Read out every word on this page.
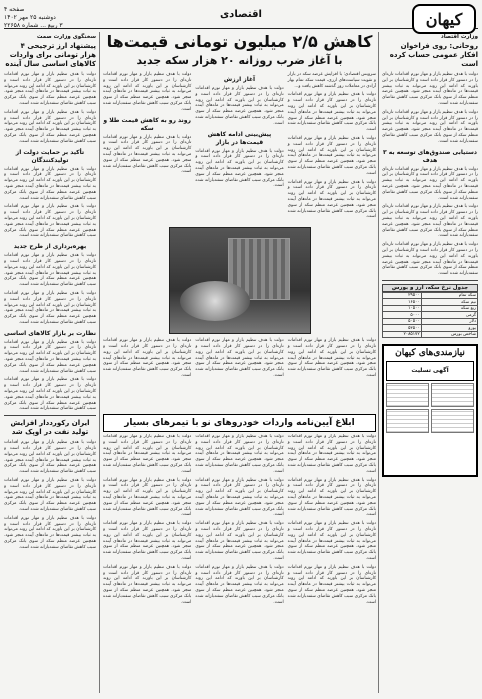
صفحه ۴
دوشنبه ۲۵ مهر ۱۴۰۲
۳ ربیع ... شماره ۲۲۶۵۸
اقتصادی	کیهان
وزارت اقتصاد
روحانی: روی فراخوان افکار عمومی حساب کرده است

دولت با هدف تنظیم بازار و مهار تورم اقدامات تازه‌ای را در دستور کار قرار داده است و کارشناسان بر این باورند که ادامه این روند می‌تواند به ثبات بیشتر قیمت‌ها در ماه‌های آینده منجر شود. همچنین عرضه منظم سکه از سوی بانک مرکزی سبب کاهش تقاضای سفته‌بازانه شده است.

دولت با هدف تنظیم بازار و مهار تورم اقدامات تازه‌ای را در دستور کار قرار داده است و کارشناسان بر این باورند که ادامه این روند می‌تواند به ثبات بیشتر قیمت‌ها در ماه‌های آینده منجر شود. همچنین عرضه منظم سکه از سوی بانک مرکزی سبب کاهش تقاضای سفته‌بازانه شده است.

دستیابی صندوق‌های توسعه به ۳ هدف

دولت با هدف تنظیم بازار و مهار تورم اقدامات تازه‌ای را در دستور کار قرار داده است و کارشناسان بر این باورند که ادامه این روند می‌تواند به ثبات بیشتر قیمت‌ها در ماه‌های آینده منجر شود. همچنین عرضه منظم سکه از سوی بانک مرکزی سبب کاهش تقاضای سفته‌بازانه شده است.

دولت با هدف تنظیم بازار و مهار تورم اقدامات تازه‌ای را در دستور کار قرار داده است و کارشناسان بر این باورند که ادامه این روند می‌تواند به ثبات بیشتر قیمت‌ها در ماه‌های آینده منجر شود. همچنین عرضه منظم سکه از سوی بانک مرکزی سبب کاهش تقاضای سفته‌بازانه شده است.

دولت با هدف تنظیم بازار و مهار تورم اقدامات تازه‌ای را در دستور کار قرار داده است و کارشناسان بر این باورند که ادامه این روند می‌تواند به ثبات بیشتر قیمت‌ها در ماه‌های آینده منجر شود. همچنین عرضه منظم سکه از سوی بانک مرکزی سبب کاهش تقاضای سفته‌بازانه شده است.

جدول نرخ سکه، ارز و بورس
سکه تمام	۲۹۵۰۰
نیم سکه	۱۶۵۰۰
ربع سکه	۱۰۵۰۰
گرمی	۵۰۰۰
دلار	۵۰۵۰۰
یورو	۵۳۵۰۰
شاخص بورس	۲۰۸۵۱۷۲
نیازمندی‌های کیهان
آگهی تسلیت
کاهش ۲/۵ میلیون تومانی قیمت‌ها
با آغاز ضرب روزانه ۲۰ هزار سکه جدید

سرویس اقتصادی: با افزایش عرضه سکه در بازار و تقویت سیاست‌های ارزی، قیمت سکه تمام بهار آزادی در معاملات روز گذشته کاهش یافت و...

دولت با هدف تنظیم بازار و مهار تورم اقدامات تازه‌ای را در دستور کار قرار داده است و کارشناسان بر این باورند که ادامه این روند می‌تواند به ثبات بیشتر قیمت‌ها در ماه‌های آینده منجر شود. همچنین عرضه منظم سکه از سوی بانک مرکزی سبب کاهش تقاضای سفته‌بازانه شده است.

دولت با هدف تنظیم بازار و مهار تورم اقدامات تازه‌ای را در دستور کار قرار داده است و کارشناسان بر این باورند که ادامه این روند می‌تواند به ثبات بیشتر قیمت‌ها در ماه‌های آینده منجر شود. همچنین عرضه منظم سکه از سوی بانک مرکزی سبب کاهش تقاضای سفته‌بازانه شده است.

دولت با هدف تنظیم بازار و مهار تورم اقدامات تازه‌ای را در دستور کار قرار داده است و کارشناسان بر این باورند که ادامه این روند می‌تواند به ثبات بیشتر قیمت‌ها در ماه‌های آینده منجر شود. همچنین عرضه منظم سکه از سوی بانک مرکزی سبب کاهش تقاضای سفته‌بازانه شده است.

آغاز ارزش

دولت با هدف تنظیم بازار و مهار تورم اقدامات تازه‌ای را در دستور کار قرار داده است و کارشناسان بر این باورند که ادامه این روند می‌تواند به ثبات بیشتر قیمت‌ها در ماه‌های آینده منجر شود. همچنین عرضه منظم سکه از سوی بانک مرکزی سبب کاهش تقاضای سفته‌بازانه شده است.

پیش‌بینی ادامه کاهش قیمت‌ها در بازار

دولت با هدف تنظیم بازار و مهار تورم اقدامات تازه‌ای را در دستور کار قرار داده است و کارشناسان بر این باورند که ادامه این روند می‌تواند به ثبات بیشتر قیمت‌ها در ماه‌های آینده منجر شود. همچنین عرضه منظم سکه از سوی بانک مرکزی سبب کاهش تقاضای سفته‌بازانه شده است.

دولت با هدف تنظیم بازار و مهار تورم اقدامات تازه‌ای را در دستور کار قرار داده است و کارشناسان بر این باورند که ادامه این روند می‌تواند به ثبات بیشتر قیمت‌ها در ماه‌های آینده منجر شود. همچنین عرضه منظم سکه از سوی بانک مرکزی سبب کاهش تقاضای سفته‌بازانه شده است.

روند رو به کاهش قیمت طلا و سکه

دولت با هدف تنظیم بازار و مهار تورم اقدامات تازه‌ای را در دستور کار قرار داده است و کارشناسان بر این باورند که ادامه این روند می‌تواند به ثبات بیشتر قیمت‌ها در ماه‌های آینده منجر شود. همچنین عرضه منظم سکه از سوی بانک مرکزی سبب کاهش تقاضای سفته‌بازانه شده است.

دولت با هدف تنظیم بازار و مهار تورم اقدامات تازه‌ای را در دستور کار قرار داده است و کارشناسان بر این باورند که ادامه این روند می‌تواند به ثبات بیشتر قیمت‌ها در ماه‌های آینده منجر شود. همچنین عرضه منظم سکه از سوی بانک مرکزی سبب کاهش تقاضای سفته‌بازانه شده است.

دولت با هدف تنظیم بازار و مهار تورم اقدامات تازه‌ای را در دستور کار قرار داده است و کارشناسان بر این باورند که ادامه این روند می‌تواند به ثبات بیشتر قیمت‌ها در ماه‌های آینده منجر شود. همچنین عرضه منظم سکه از سوی بانک مرکزی سبب کاهش تقاضای سفته‌بازانه شده است.

دولت با هدف تنظیم بازار و مهار تورم اقدامات تازه‌ای را در دستور کار قرار داده است و کارشناسان بر این باورند که ادامه این روند می‌تواند به ثبات بیشتر قیمت‌ها در ماه‌های آینده منجر شود. همچنین عرضه منظم سکه از سوی بانک مرکزی سبب کاهش تقاضای سفته‌بازانه شده است.

ابلاغ آیین‌نامه واردات خودروهای نو با تیمرهای بسیار

دولت با هدف تنظیم بازار و مهار تورم اقدامات تازه‌ای را در دستور کار قرار داده است و کارشناسان بر این باورند که ادامه این روند می‌تواند به ثبات بیشتر قیمت‌ها در ماه‌های آینده منجر شود. همچنین عرضه منظم سکه از سوی بانک مرکزی سبب کاهش تقاضای سفته‌بازانه شده است.

دولت با هدف تنظیم بازار و مهار تورم اقدامات تازه‌ای را در دستور کار قرار داده است و کارشناسان بر این باورند که ادامه این روند می‌تواند به ثبات بیشتر قیمت‌ها در ماه‌های آینده منجر شود. همچنین عرضه منظم سکه از سوی بانک مرکزی سبب کاهش تقاضای سفته‌بازانه شده است.

دولت با هدف تنظیم بازار و مهار تورم اقدامات تازه‌ای را در دستور کار قرار داده است و کارشناسان بر این باورند که ادامه این روند می‌تواند به ثبات بیشتر قیمت‌ها در ماه‌های آینده منجر شود. همچنین عرضه منظم سکه از سوی بانک مرکزی سبب کاهش تقاضای سفته‌بازانه شده است.

دولت با هدف تنظیم بازار و مهار تورم اقدامات تازه‌ای را در دستور کار قرار داده است و کارشناسان بر این باورند که ادامه این روند می‌تواند به ثبات بیشتر قیمت‌ها در ماه‌های آینده منجر شود. همچنین عرضه منظم سکه از سوی بانک مرکزی سبب کاهش تقاضای سفته‌بازانه شده است.

دولت با هدف تنظیم بازار و مهار تورم اقدامات تازه‌ای را در دستور کار قرار داده است و کارشناسان بر این باورند که ادامه این روند می‌تواند به ثبات بیشتر قیمت‌ها در ماه‌های آینده منجر شود. همچنین عرضه منظم سکه از سوی بانک مرکزی سبب کاهش تقاضای سفته‌بازانه شده است.

دولت با هدف تنظیم بازار و مهار تورم اقدامات تازه‌ای را در دستور کار قرار داده است و کارشناسان بر این باورند که ادامه این روند می‌تواند به ثبات بیشتر قیمت‌ها در ماه‌های آینده منجر شود. همچنین عرضه منظم سکه از سوی بانک مرکزی سبب کاهش تقاضای سفته‌بازانه شده است.

دولت با هدف تنظیم بازار و مهار تورم اقدامات تازه‌ای را در دستور کار قرار داده است و کارشناسان بر این باورند که ادامه این روند می‌تواند به ثبات بیشتر قیمت‌ها در ماه‌های آینده منجر شود. همچنین عرضه منظم سکه از سوی بانک مرکزی سبب کاهش تقاضای سفته‌بازانه شده است.

دولت با هدف تنظیم بازار و مهار تورم اقدامات تازه‌ای را در دستور کار قرار داده است و کارشناسان بر این باورند که ادامه این روند می‌تواند به ثبات بیشتر قیمت‌ها در ماه‌های آینده منجر شود. همچنین عرضه منظم سکه از سوی بانک مرکزی سبب کاهش تقاضای سفته‌بازانه شده است.

دولت با هدف تنظیم بازار و مهار تورم اقدامات تازه‌ای را در دستور کار قرار داده است و کارشناسان بر این باورند که ادامه این روند می‌تواند به ثبات بیشتر قیمت‌ها در ماه‌های آینده منجر شود. همچنین عرضه منظم سکه از سوی بانک مرکزی سبب کاهش تقاضای سفته‌بازانه شده است.

دولت با هدف تنظیم بازار و مهار تورم اقدامات تازه‌ای را در دستور کار قرار داده است و کارشناسان بر این باورند که ادامه این روند می‌تواند به ثبات بیشتر قیمت‌ها در ماه‌های آینده منجر شود. همچنین عرضه منظم سکه از سوی بانک مرکزی سبب کاهش تقاضای سفته‌بازانه شده است.

دولت با هدف تنظیم بازار و مهار تورم اقدامات تازه‌ای را در دستور کار قرار داده است و کارشناسان بر این باورند که ادامه این روند می‌تواند به ثبات بیشتر قیمت‌ها در ماه‌های آینده منجر شود. همچنین عرضه منظم سکه از سوی بانک مرکزی سبب کاهش تقاضای سفته‌بازانه شده است.

دولت با هدف تنظیم بازار و مهار تورم اقدامات تازه‌ای را در دستور کار قرار داده است و کارشناسان بر این باورند که ادامه این روند می‌تواند به ثبات بیشتر قیمت‌ها در ماه‌های آینده منجر شود. همچنین عرضه منظم سکه از سوی بانک مرکزی سبب کاهش تقاضای سفته‌بازانه شده است.

سخنگوی وزارت صمت
پیشنهاد ارز ترجیحی ۴ هزار تومانی برای واردات کالاهای اساسی سال آینده

دولت با هدف تنظیم بازار و مهار تورم اقدامات تازه‌ای را در دستور کار قرار داده است و کارشناسان بر این باورند که ادامه این روند می‌تواند به ثبات بیشتر قیمت‌ها در ماه‌های آینده منجر شود. همچنین عرضه منظم سکه از سوی بانک مرکزی سبب کاهش تقاضای سفته‌بازانه شده است.

دولت با هدف تنظیم بازار و مهار تورم اقدامات تازه‌ای را در دستور کار قرار داده است و کارشناسان بر این باورند که ادامه این روند می‌تواند به ثبات بیشتر قیمت‌ها در ماه‌های آینده منجر شود. همچنین عرضه منظم سکه از سوی بانک مرکزی سبب کاهش تقاضای سفته‌بازانه شده است.

تأکید بر حمایت دولت از تولیدکنندگان

دولت با هدف تنظیم بازار و مهار تورم اقدامات تازه‌ای را در دستور کار قرار داده است و کارشناسان بر این باورند که ادامه این روند می‌تواند به ثبات بیشتر قیمت‌ها در ماه‌های آینده منجر شود. همچنین عرضه منظم سکه از سوی بانک مرکزی سبب کاهش تقاضای سفته‌بازانه شده است.

دولت با هدف تنظیم بازار و مهار تورم اقدامات تازه‌ای را در دستور کار قرار داده است و کارشناسان بر این باورند که ادامه این روند می‌تواند به ثبات بیشتر قیمت‌ها در ماه‌های آینده منجر شود. همچنین عرضه منظم سکه از سوی بانک مرکزی سبب کاهش تقاضای سفته‌بازانه شده است.

بهره‌برداری از طرح جدید

دولت با هدف تنظیم بازار و مهار تورم اقدامات تازه‌ای را در دستور کار قرار داده است و کارشناسان بر این باورند که ادامه این روند می‌تواند به ثبات بیشتر قیمت‌ها در ماه‌های آینده منجر شود. همچنین عرضه منظم سکه از سوی بانک مرکزی سبب کاهش تقاضای سفته‌بازانه شده است.

دولت با هدف تنظیم بازار و مهار تورم اقدامات تازه‌ای را در دستور کار قرار داده است و کارشناسان بر این باورند که ادامه این روند می‌تواند به ثبات بیشتر قیمت‌ها در ماه‌های آینده منجر شود. همچنین عرضه منظم سکه از سوی بانک مرکزی سبب کاهش تقاضای سفته‌بازانه شده است.

نظارت بر بازار کالاهای اساسی

دولت با هدف تنظیم بازار و مهار تورم اقدامات تازه‌ای را در دستور کار قرار داده است و کارشناسان بر این باورند که ادامه این روند می‌تواند به ثبات بیشتر قیمت‌ها در ماه‌های آینده منجر شود. همچنین عرضه منظم سکه از سوی بانک مرکزی سبب کاهش تقاضای سفته‌بازانه شده است.

دولت با هدف تنظیم بازار و مهار تورم اقدامات تازه‌ای را در دستور کار قرار داده است و کارشناسان بر این باورند که ادامه این روند می‌تواند به ثبات بیشتر قیمت‌ها در ماه‌های آینده منجر شود. همچنین عرضه منظم سکه از سوی بانک مرکزی سبب کاهش تقاضای سفته‌بازانه شده است.

ایران رکورددار افزایش تولید نفت در اوپک شد

دولت با هدف تنظیم بازار و مهار تورم اقدامات تازه‌ای را در دستور کار قرار داده است و کارشناسان بر این باورند که ادامه این روند می‌تواند به ثبات بیشتر قیمت‌ها در ماه‌های آینده منجر شود. همچنین عرضه منظم سکه از سوی بانک مرکزی سبب کاهش تقاضای سفته‌بازانه شده است.

دولت با هدف تنظیم بازار و مهار تورم اقدامات تازه‌ای را در دستور کار قرار داده است و کارشناسان بر این باورند که ادامه این روند می‌تواند به ثبات بیشتر قیمت‌ها در ماه‌های آینده منجر شود. همچنین عرضه منظم سکه از سوی بانک مرکزی سبب کاهش تقاضای سفته‌بازانه شده است.

دولت با هدف تنظیم بازار و مهار تورم اقدامات تازه‌ای را در دستور کار قرار داده است و کارشناسان بر این باورند که ادامه این روند می‌تواند به ثبات بیشتر قیمت‌ها در ماه‌های آینده منجر شود. همچنین عرضه منظم سکه از سوی بانک مرکزی سبب کاهش تقاضای سفته‌بازانه شده است.
